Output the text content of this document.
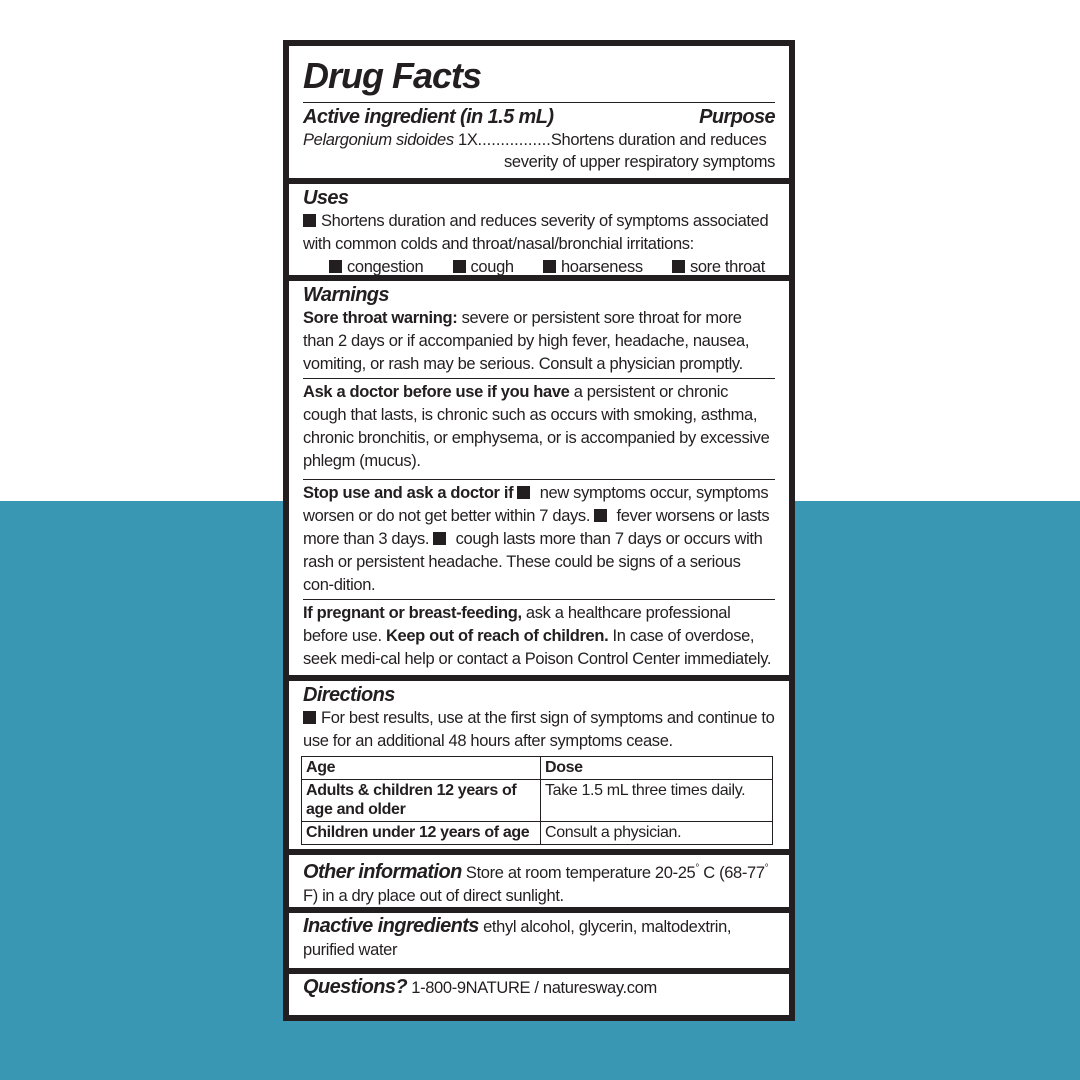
Drug Facts
Active ingredient (in 1.5 mL)	Purpose
Pelargonium sidoides 1X................Shortens duration and reduces
severity of upper respiratory symptoms
Uses
Shortens duration and reduces severity of symptoms associated with common colds and throat/nasal/bronchial irritations:
congestion	cough	hoarseness	sore throat
Warnings
Sore throat warning: severe or persistent sore throat for more than 2 days or if accompanied by high fever, headache, nausea, vomiting, or rash may be serious. Consult a physician promptly.
Ask a doctor before use if you have a persistent or chronic cough that lasts, is chronic such as occurs with smoking, asthma, chronic bronchitis, or emphysema, or is accompanied by excessive phlegm (mucus).
Stop use and ask a doctor if  new symptoms occur, symptoms worsen or do not get better within 7 days.  fever worsens or lasts more than 3 days.  cough lasts more than 7 days or occurs with rash or persistent headache. These could be signs of a serious con-dition.
If pregnant or breast-feeding, ask a healthcare professional before use. Keep out of reach of children. In case of overdose, seek medi-cal help or contact a Poison Control Center immediately.
Directions
For best results, use at the first sign of symptoms and continue to use for an additional 48 hours after symptoms cease.
Age	Dose
Adults & children 12 years of age and older	Take 1.5 mL three times daily.
Children under 12 years of age	Consult a physician.
Other information Store at room temperature 20-25° C (68-77° F) in a dry place out of direct sunlight.
Inactive ingredients ethyl alcohol, glycerin, maltodextrin, purified water
Questions? 1-800-9NATURE / naturesway.com
